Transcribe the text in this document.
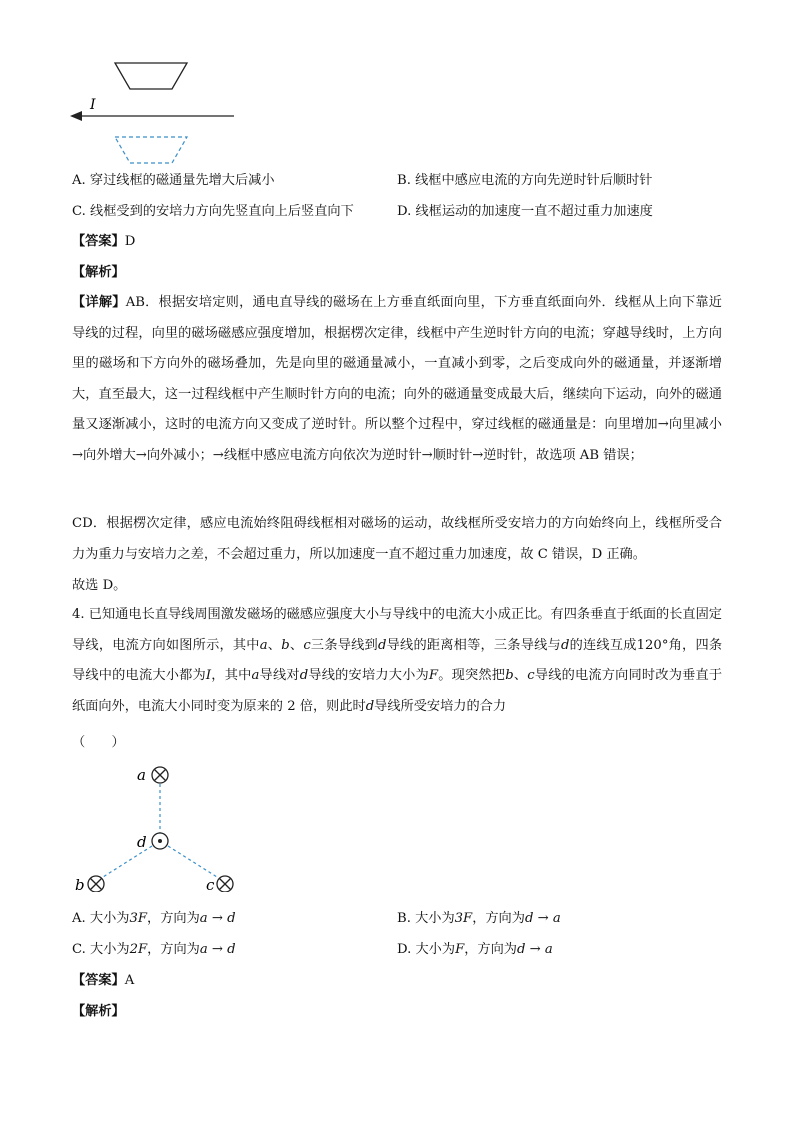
I
A. 穿过线框的磁通量先增大后减小	B. 线框中感应电流的方向先逆时针后顺时针
C. 线框受到的安培力方向先竖直向上后竖直向下	D. 线框运动的加速度一直不超过重力加速度
【答案】D
【解析】
【详解】AB．根据安培定则，通电直导线的磁场在上方垂直纸面向里，下方垂直纸面向外．线框从上向下靠近导线的过程，向里的磁场磁感应强度增加，根据楞次定律，线框中产生逆时针方向的电流；穿越导线时，上方向里的磁场和下方向外的磁场叠加，先是向里的磁通量减小，一直减小到零，之后变成向外的磁通量，并逐渐增大，直至最大，这一过程线框中产生顺时针方向的电流；向外的磁通量变成最大后，继续向下运动，向外的磁通量又逐渐减小，这时的电流方向又变成了逆时针。所以整个过程中，穿过线框的磁通量是：向里增加→向里减小→向外增大→向外减小；→线框中感应电流方向依次为逆时针→顺时针→逆时针，故选项 AB 错误；
CD．根据楞次定律，感应电流始终阻碍线框相对磁场的运动，故线框所受安培力的方向始终向上，线框所受合力为重力与安培力之差，不会超过重力，所以加速度一直不超过重力加速度，故 C 错误，D 正确。
故选 D。
4. 已知通电长直导线周围激发磁场的磁感应强度大小与导线中的电流大小成正比。有四条垂直于纸面的长直固定导线，电流方向如图所示，其中a、b、c三条导线到d导线的距离相等，三条导线与d的连线互成120°角，四条导线中的电流大小都为I，其中a导线对d导线的安培力大小为F。现突然把b、c导线的电流方向同时改为垂直于纸面向外，电流大小同时变为原来的 2 倍，则此时d导线所受安培力的合力
（　　）
a
d
b	c
A. 大小为3F，方向为a → d	B. 大小为3F，方向为d → a
C. 大小为2F，方向为a → d	D. 大小为F，方向为d → a
【答案】A
【解析】
